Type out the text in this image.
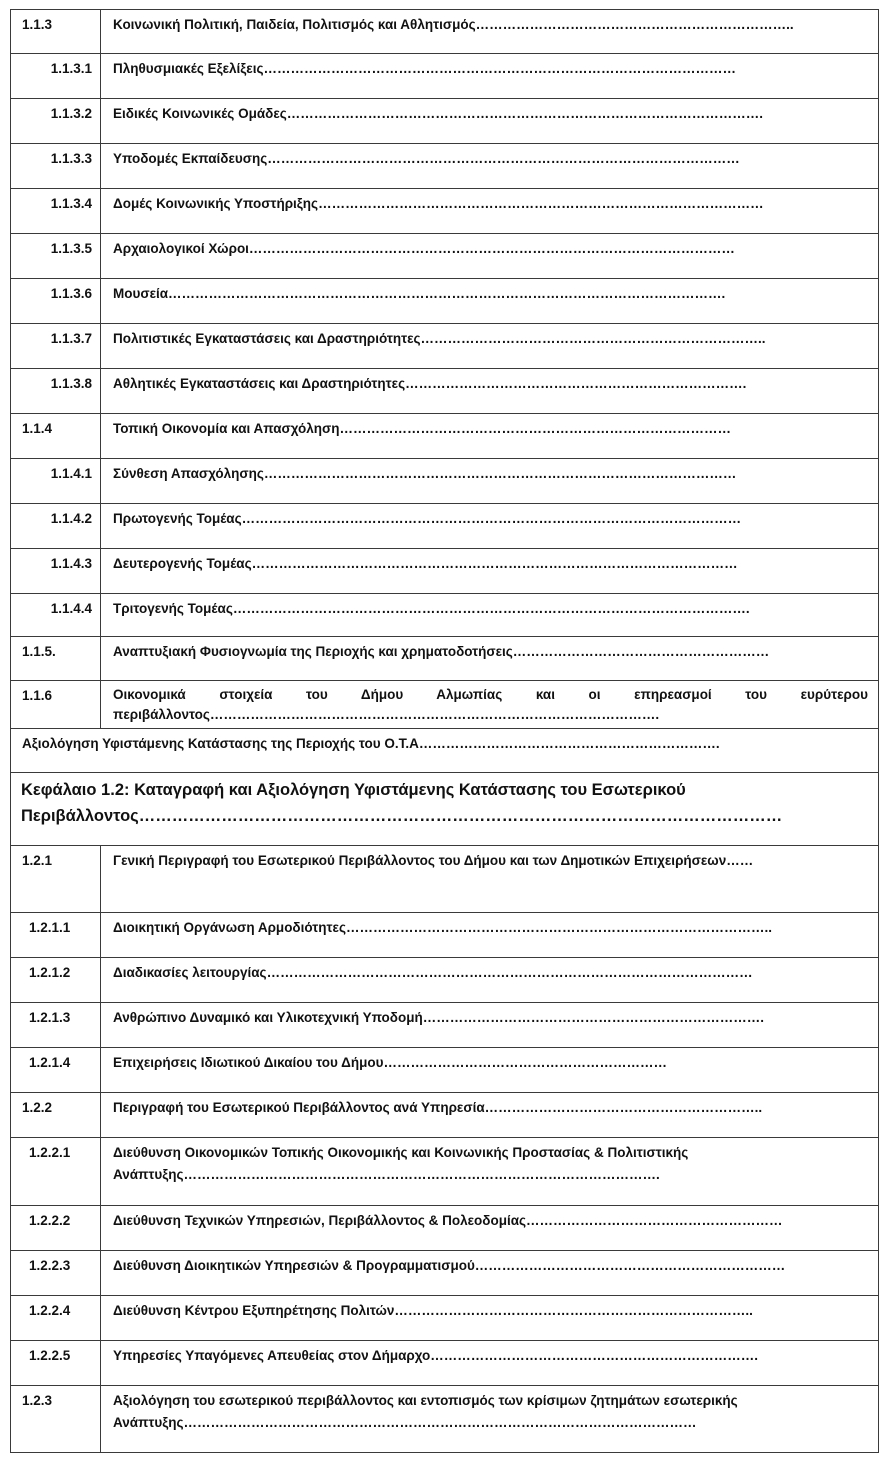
1.1.3	Κοινωνική Πολιτική, Παιδεία, Πολιτισμός και Αθλητισμός……………………………………………………………..

1.1.3.1	Πληθυσμιακές Εξελίξεις……………………………………………………………………………………………

1.1.3.2	Ειδικές Κοινωνικές Ομάδες…………………………………………………………………………………………….

1.1.3.3	Υποδομές Εκπαίδευσης……………………………………………………………………………………………

1.1.3.4	Δομές Κοινωνικής Υποστήριξης………………………………………………………………………………………

1.1.3.5	Αρχαιολογικοί Χώροι………………………………………………………………………………………………

1.1.3.6	Μουσεία…………………………………………………………………………………………………………….

1.1.3.7	Πολιτιστικές Εγκαταστάσεις και Δραστηριότητες…………………………………………………………………..

1.1.3.8	Αθλητικές Εγκαταστάσεις και Δραστηριότητες………………………………………………………………….

1.1.4	Τοπική Οικονομία και Απασχόληση……………………………………………………………………………

1.1.4.1	Σύνθεση Απασχόλησης……………………………………………………………………………………………

1.1.4.2	Πρωτογενής Τομέας…………………………………………………………………………………………………

1.1.4.3	Δευτερογενής Τομέας………………………………………………………………………………………………

1.1.4.4	Τριτογενής Τομέας…………………………………………………………………………………………………….

1.1.5.	Αναπτυξιακή Φυσιογνωμία της Περιοχής και χρηματοδοτήσεις…………………………………………………

1.1.6	Οικονομικά στοιχεία του Δήμου Αλμωπίας και οι επηρεασμοί του ευρύτερου περιβάλλοντος……………………………………………………………………………………….
Αξιολόγηση Υφιστάμενης Κατάστασης της Περιοχής του Ο.Τ.Α………………………………………………………….	
Κεφάλαιο 1.2: Καταγραφή και Αξιολόγηση Υφιστάμενης Κατάστασης του Εσωτερικού Περιβάλλοντος………………………………………………………………………………………………………	

1.2.1	Γενική Περιγραφή του Εσωτερικού Περιβάλλοντος του Δήμου και των Δημοτικών Επιχειρήσεων……

1.2.1.1	Διοικητική Οργάνωση Αρμοδιότητες…………………………………………………………………………………..

1.2.1.2	Διαδικασίες λειτουργίας………………………………………………………………………………………………

1.2.1.3	Ανθρώπινο Δυναμικό και Υλικοτεχνική Υποδομή………………………………………………………………….

1.2.1.4	Επιχειρήσεις Ιδιωτικού Δικαίου του Δήμου………………………………………………………

1.2.2	Περιγραφή του Εσωτερικού Περιβάλλοντος ανά Υπηρεσία……………………………………………………..

1.2.2.1	Διεύθυνση Οικονομικών Τοπικής Οικονομικής και Κοινωνικής Προστασίας & Πολιτιστικής Ανάπτυξης…………………………………………………………………………………………….

1.2.2.2	Διεύθυνση Τεχνικών Υπηρεσιών, Περιβάλλοντος & Πολεοδομίας…………………………………………………

1.2.2.3	Διεύθυνση Διοικητικών Υπηρεσιών & Προγραμματισμού……………………………………………………………

1.2.2.4	Διεύθυνση Κέντρου Εξυπηρέτησης Πολιτών……………………………………………………………………..

1.2.2.5	Υπηρεσίες Υπαγόμενες Απευθείας στον Δήμαρχο……………………………………………………………….

1.2.3	Αξιολόγηση του εσωτερικού περιβάλλοντος και εντοπισμός των κρίσιμων ζητημάτων εσωτερικής Ανάπτυξης……………………………………………………………………………………………………
